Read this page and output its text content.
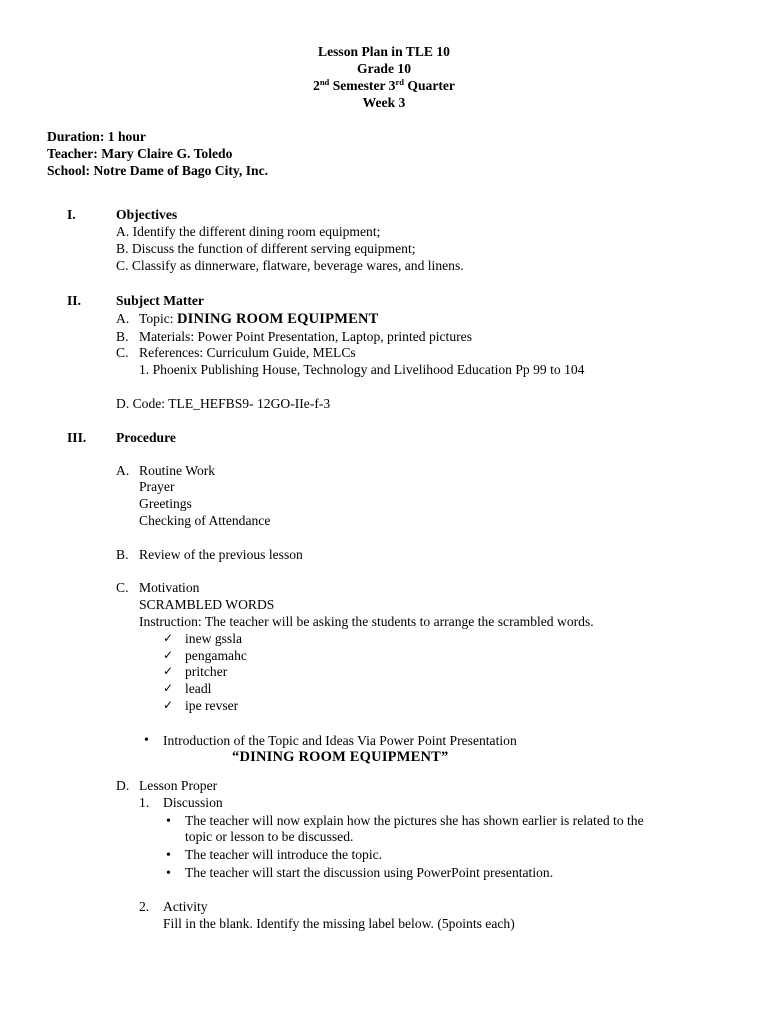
Lesson Plan in TLE 10
Grade 10
2nd Semester 3rd Quarter
Week 3
Duration: 1 hour
Teacher: Mary Claire G. Toledo
School: Notre Dame of Bago City, Inc.
I.	Objectives
A. Identify the different dining room equipment;
B. Discuss the function of different serving equipment;
C. Classify as dinnerware, flatware, beverage wares, and linens.
II.	Subject Matter
A. Topic: DINING ROOM EQUIPMENT
B. Materials: Power Point Presentation, Laptop, printed pictures
C. References: Curriculum Guide, MELCs
1. Phoenix Publishing House, Technology and Livelihood Education Pp 99 to 104
D. Code: TLE_HEFBS9- 12GO-IIe-f-3
III. Procedure
A. Routine Work
Prayer
Greetings
Checking of Attendance
B. Review of the previous lesson
C. Motivation
SCRAMBLED WORDS
Instruction: The teacher will be asking the students to arrange the scrambled words.
✓
inew gssla
✓
pengamahc
✓
pritcher
✓
leadl
✓
ipe revser
•
Introduction of the Topic and Ideas Via Power Point Presentation
“DINING ROOM EQUIPMENT”
D. Lesson Proper
1. Discussion
•
The teacher will now explain how the pictures she has shown earlier is related to the
topic or lesson to be discussed.
•
The teacher will introduce the topic.
•
The teacher will start the discussion using PowerPoint presentation.
2. Activity
Fill in the blank. Identify the missing label below. (5points each)
